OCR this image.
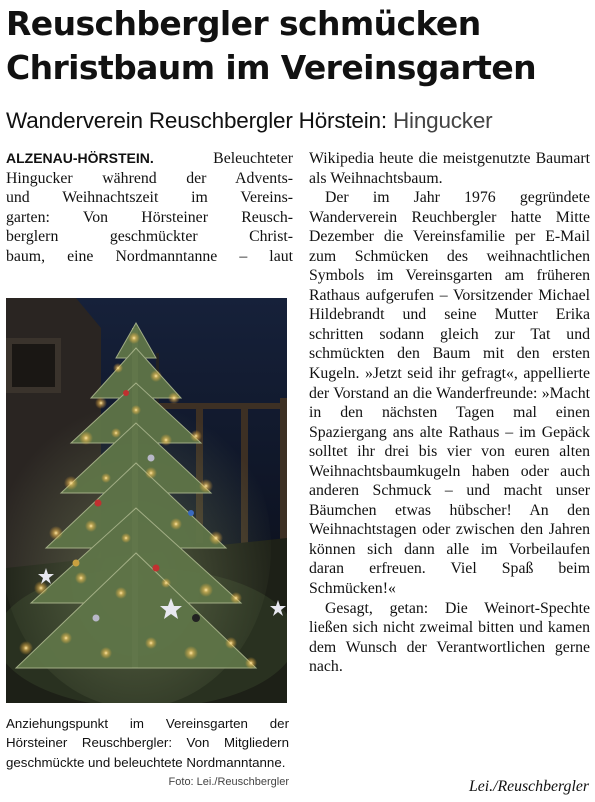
Reuschbergler schmücken
Christbaum im Vereinsgarten
Wanderverein Reuschbergler Hörstein: Hingucker

ALZENAU-HÖRSTEIN.	Beleuchteter
Hingucker während der Advents-
und Weihnachtszeit im Vereins-
garten: Von Hörsteiner Reusch-
berglern geschmückter Christ-
baum, eine Nordmanntanne – laut

Anziehungspunkt im Vereinsgarten der Hörsteiner Reuschbergler: Von Mitgliedern geschmückte und beleuchtete Nordmanntanne.
Foto: Lei./Reuschbergler

Wikipedia heute die meistgenutzte Baumart als Weihnachtsbaum.

Der im Jahr 1976 gegründete Wanderverein Reuchbergler hatte Mitte Dezember die Vereinsfamilie per E-Mail zum Schmücken des weihnachtlichen Symbols im Vereinsgarten am früheren Rathaus aufgerufen – Vorsitzender Michael Hildebrandt und seine Mutter Erika schritten sodann gleich zur Tat und schmückten den Baum mit den ersten Kugeln. »Jetzt seid ihr gefragt«, appellierte der Vorstand an die Wanderfreunde: »Macht in den nächsten Tagen mal einen Spaziergang ans alte Rathaus – im Gepäck solltet ihr drei bis vier von euren alten Weihnachtsbaumkugeln haben oder auch anderen Schmuck – und macht unser Bäumchen etwas hübscher! An den Weihnachtstagen oder zwischen den Jahren können sich dann alle im Vorbeilaufen daran erfreuen. Viel Spaß beim Schmücken!«

Gesagt, getan: Die Weinort-Spechte ließen sich nicht zweimal bitten und kamen dem Wunsch der Verantwortlichen gerne nach.

Lei./Reuschbergler
